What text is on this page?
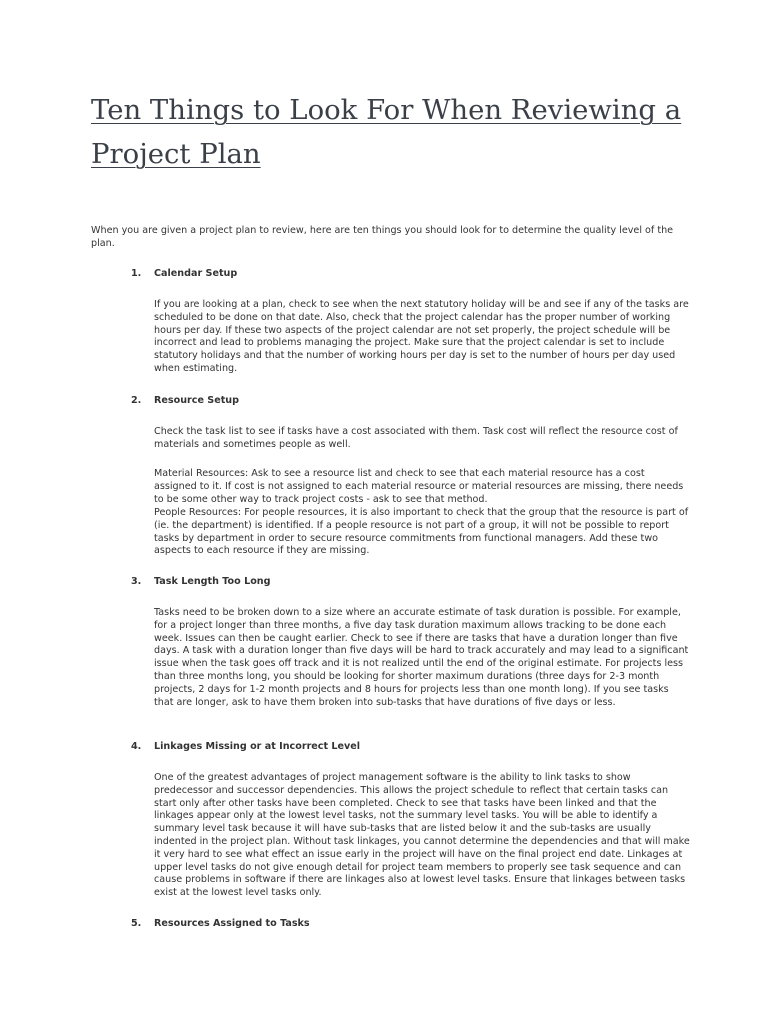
Ten Things to Look For When Reviewing a Project Plan

When you are given a project plan to review, here are ten things you should look for to determine the quality level of the plan.

1. Calendar Setup

If you are looking at a plan, check to see when the next statutory holiday will be and see if any of the tasks are scheduled to be done on that date. Also, check that the project calendar has the proper number of working hours per day. If these two aspects of the project calendar are not set properly, the project schedule will be incorrect and lead to problems managing the project. Make sure that the project calendar is set to include statutory holidays and that the number of working hours per day is set to the number of hours per day used when estimating.

2. Resource Setup

Check the task list to see if tasks have a cost associated with them. Task cost will reflect the resource cost of materials and sometimes people as well.

Material Resources: Ask to see a resource list and check to see that each material resource has a cost assigned to it. If cost is not assigned to each material resource or material resources are missing, there needs to be some other way to track project costs - ask to see that method.

People Resources: For people resources, it is also important to check that the group that the resource is part of (ie. the department) is identified. If a people resource is not part of a group, it will not be possible to report tasks by department in order to secure resource commitments from functional managers. Add these two aspects to each resource if they are missing.

3. Task Length Too Long

Tasks need to be broken down to a size where an accurate estimate of task duration is possible. For example, for a project longer than three months, a five day task duration maximum allows tracking to be done each week. Issues can then be caught earlier. Check to see if there are tasks that have a duration longer than five days. A task with a duration longer than five days will be hard to track accurately and may lead to a significant issue when the task goes off track and it is not realized until the end of the original estimate. For projects less than three months long, you should be looking for shorter maximum durations (three days for 2-3 month projects, 2 days for 1-2 month projects and 8 hours for projects less than one month long). If you see tasks that are longer, ask to have them broken into sub-tasks that have durations of five days or less.

4. Linkages Missing or at Incorrect Level

One of the greatest advantages of project management software is the ability to link tasks to show predecessor and successor dependencies. This allows the project schedule to reflect that certain tasks can start only after other tasks have been completed. Check to see that tasks have been linked and that the linkages appear only at the lowest level tasks, not the summary level tasks. You will be able to identify a summary level task because it will have sub-tasks that are listed below it and the sub-tasks are usually indented in the project plan. Without task linkages, you cannot determine the dependencies and that will make it very hard to see what effect an issue early in the project will have on the final project end date. Linkages at upper level tasks do not give enough detail for project team members to properly see task sequence and can cause problems in software if there are linkages also at lowest level tasks. Ensure that linkages between tasks exist at the lowest level tasks only.

5. Resources Assigned to Tasks
